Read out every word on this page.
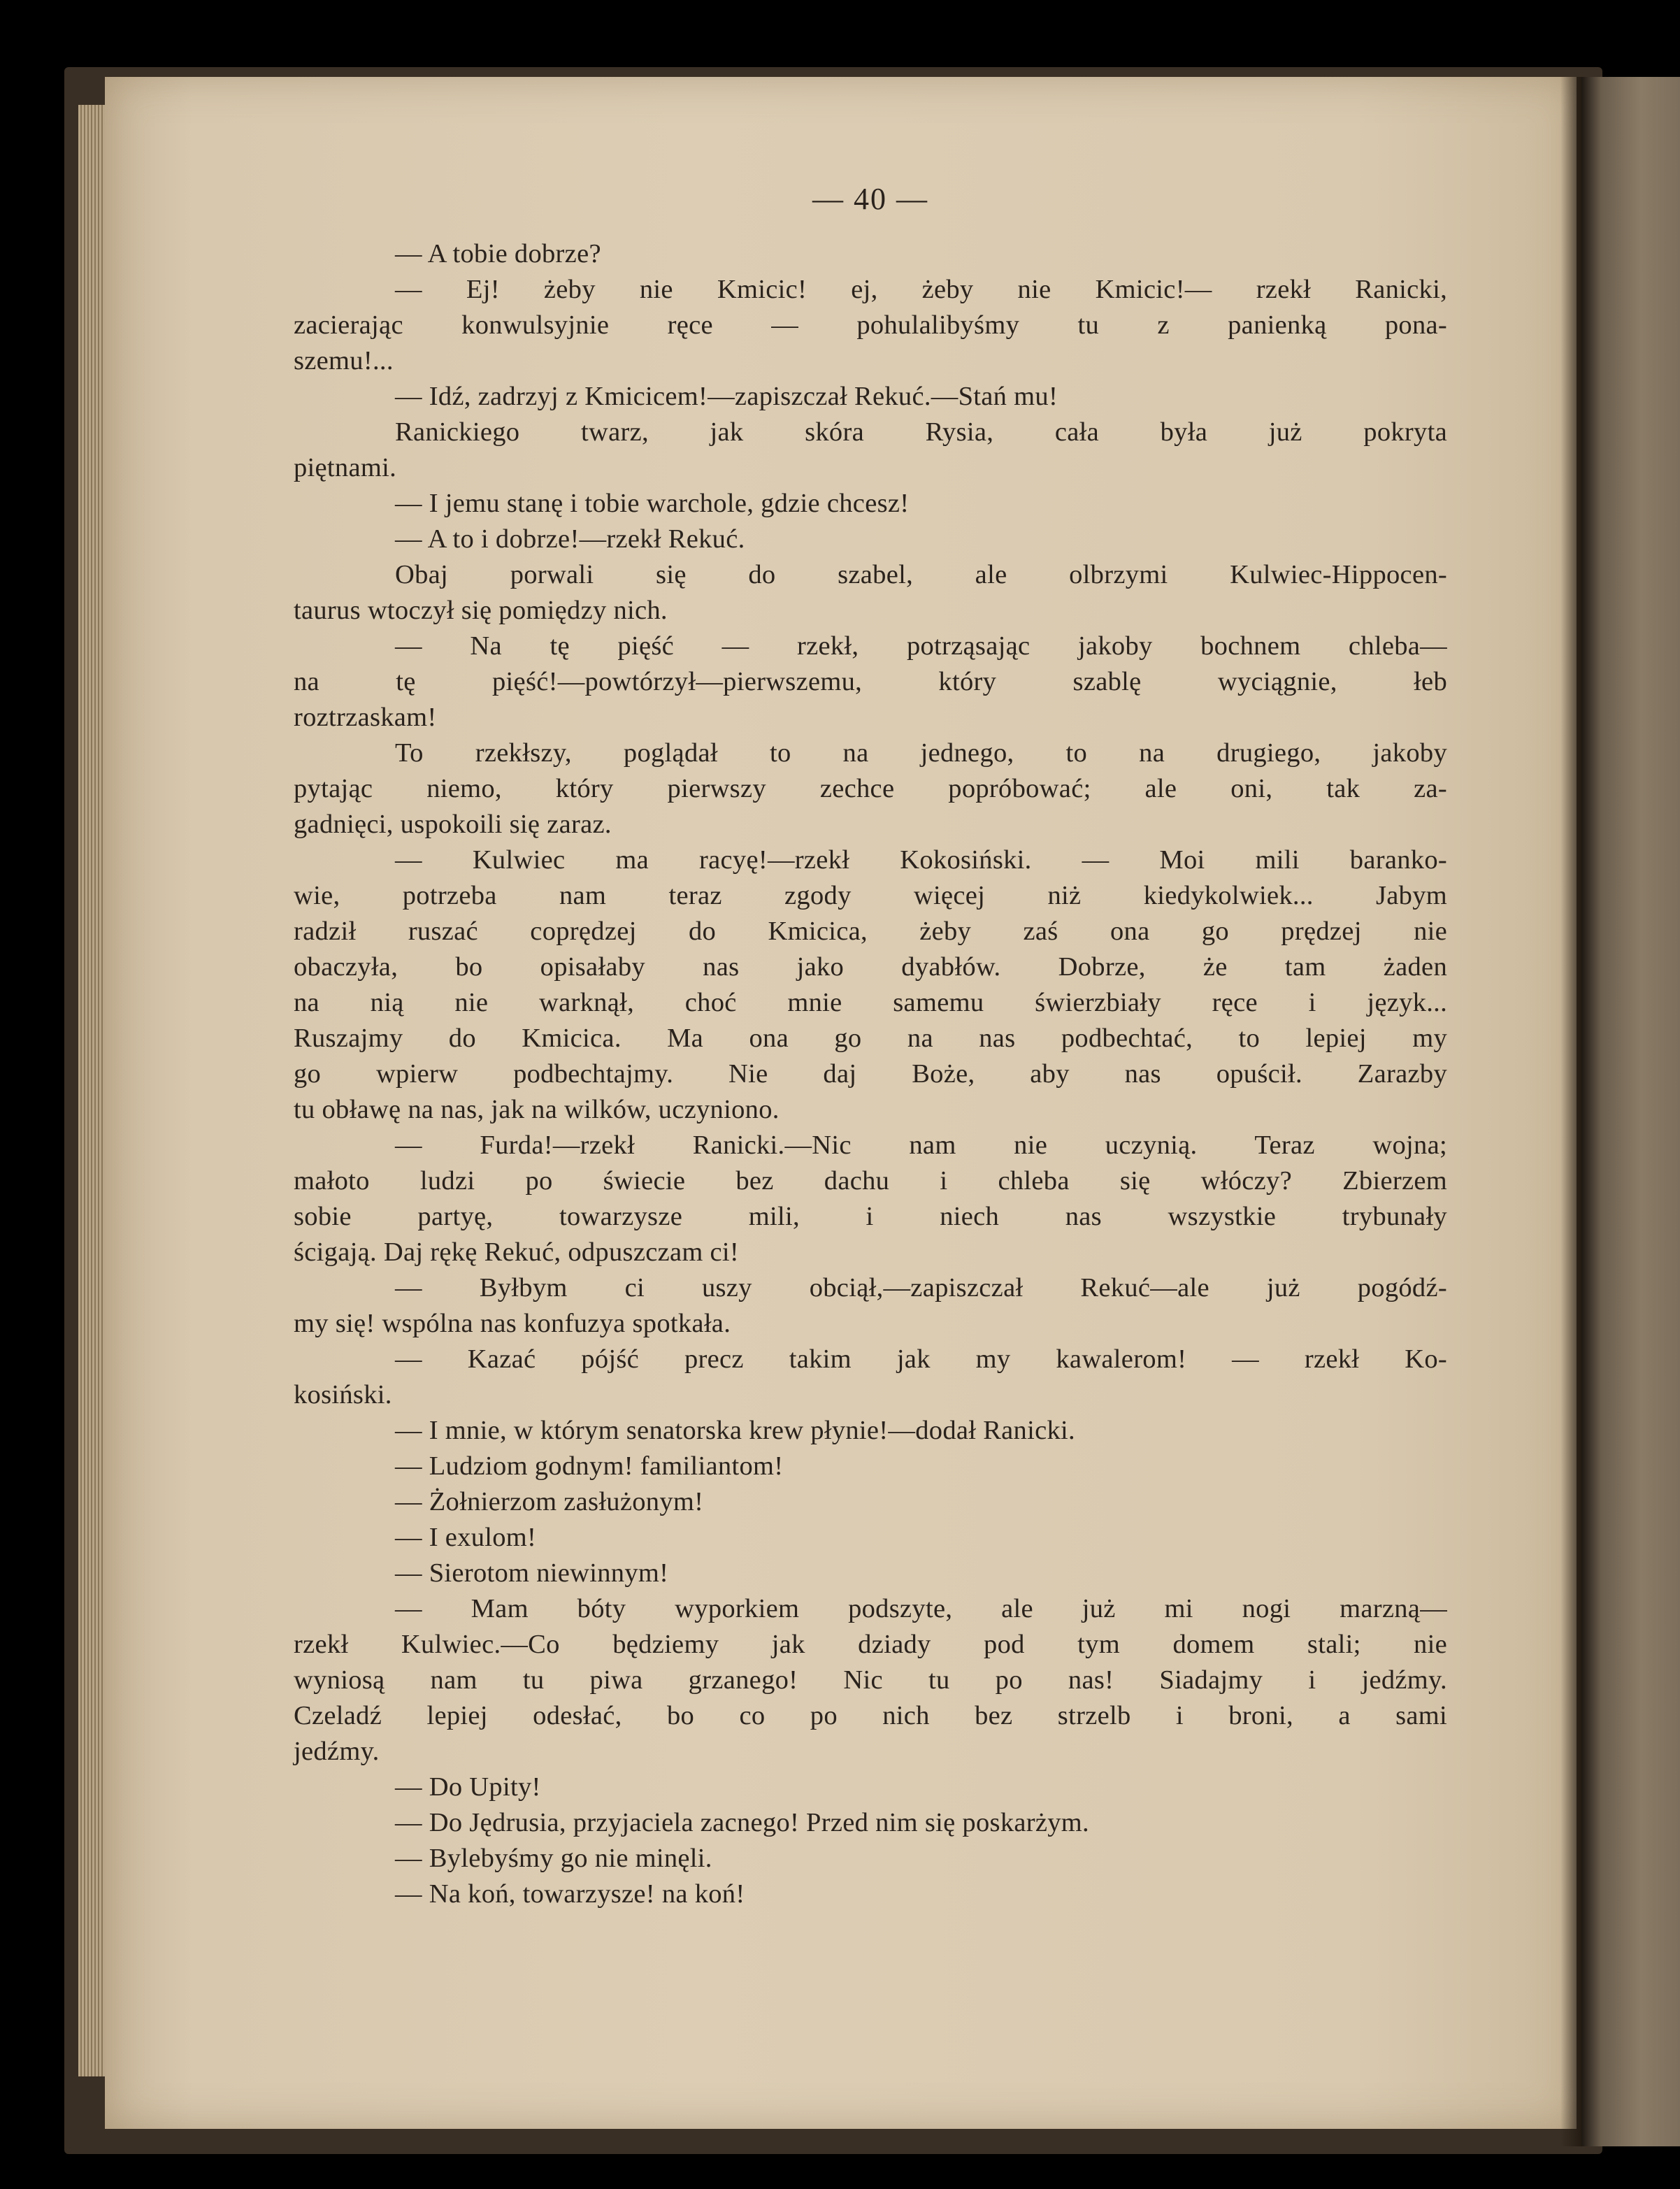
— 40 —
— A tobie dobrze?
— Ej! żeby nie Kmicic! ej, żeby nie Kmicic!— rzekł Ranicki,
zacierając konwulsyjnie ręce — pohulalibyśmy tu z panienką pona-
szemu!...
— Idź, zadrzyj z Kmicicem!—zapiszczał Rekuć.—Stań mu!
Ranickiego twarz, jak skóra Rysia, cała była już pokryta
piętnami.
— I jemu stanę i tobie warchole, gdzie chcesz!
— A to i dobrze!—rzekł Rekuć.
Obaj porwali się do szabel, ale olbrzymi Kulwiec-Hippocen-
taurus wtoczył się pomiędzy nich.
— Na tę pięść — rzekł, potrząsając jakoby bochnem chleba—
na tę pięść!—powtórzył—pierwszemu, który szablę wyciągnie, łeb
roztrzaskam!
To rzekłszy, poglądał to na jednego, to na drugiego, jakoby
pytając niemo, który pierwszy zechce popróbować; ale oni, tak za-
gadnięci, uspokoili się zaraz.
— Kulwiec ma racyę!—rzekł Kokosiński. — Moi mili baranko-
wie, potrzeba nam teraz zgody więcej niż kiedykolwiek... Jabym
radził ruszać coprędzej do Kmicica, żeby zaś ona go prędzej nie
obaczyła, bo opisałaby nas jako dyabłów. Dobrze, że tam żaden
na nią nie warknął, choć mnie samemu świerzbiały ręce i język...
Ruszajmy do Kmicica. Ma ona go na nas podbechtać, to lepiej my
go wpierw podbechtajmy. Nie daj Boże, aby nas opuścił. Zarazby
tu obławę na nas, jak na wilków, uczyniono.
— Furda!—rzekł Ranicki.—Nic nam nie uczynią. Teraz wojna;
małoto ludzi po świecie bez dachu i chleba się włóczy? Zbierzem
sobie partyę, towarzysze mili, i niech nas wszystkie trybunały
ścigają. Daj rękę Rekuć, odpuszczam ci!
— Byłbym ci uszy obciął,—zapiszczał Rekuć—ale już pogódź-
my się! wspólna nas konfuzya spotkała.
— Kazać pójść precz takim jak my kawalerom! — rzekł Ko-
kosiński.
— I mnie, w którym senatorska krew płynie!—dodał Ranicki.
— Ludziom godnym! familiantom!
— Żołnierzom zasłużonym!
— I exulom!
— Sierotom niewinnym!
— Mam bóty wyporkiem podszyte, ale już mi nogi marzną—
rzekł Kulwiec.—Co będziemy jak dziady pod tym domem stali; nie
wyniosą nam tu piwa grzanego! Nic tu po nas! Siadajmy i jedźmy.
Czeladź lepiej odesłać, bo co po nich bez strzelb i broni, a sami
jedźmy.
— Do Upity!
— Do Jędrusia, przyjaciela zacnego! Przed nim się poskarżym.
— Bylebyśmy go nie minęli.
— Na koń, towarzysze! na koń!
